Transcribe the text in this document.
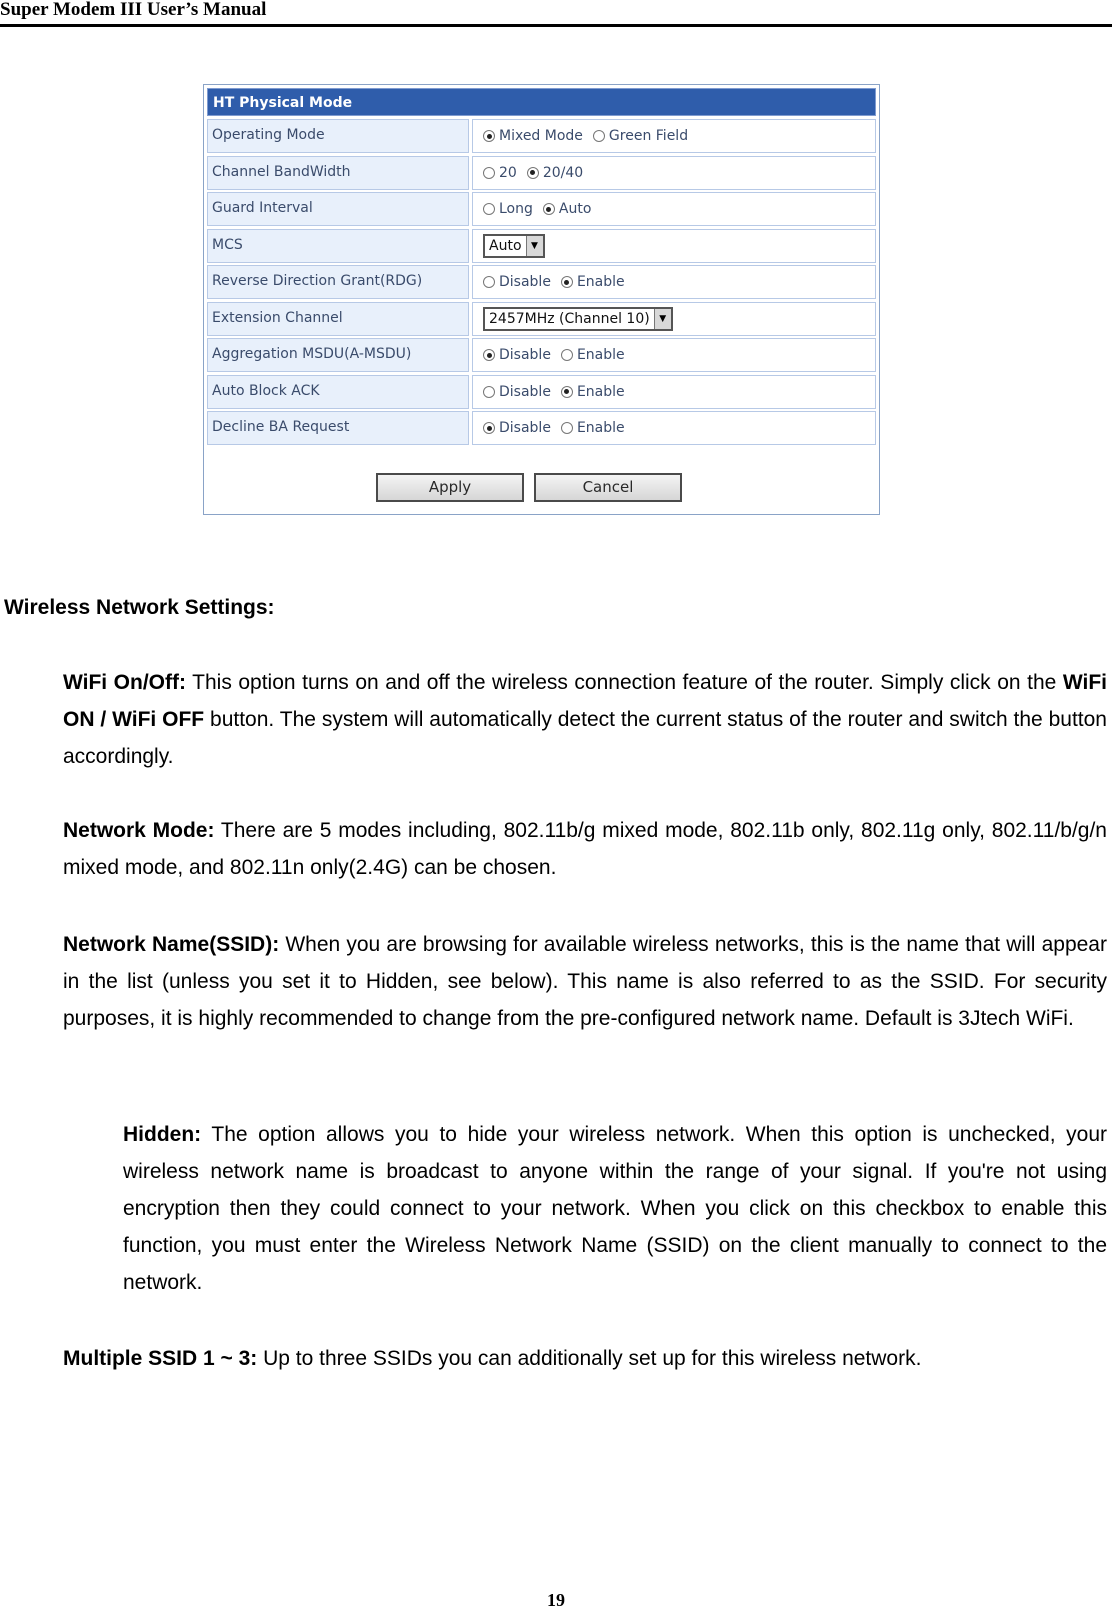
Super Modem III User’s Manual
HT Physical Mode
Operating Mode	Mixed Mode Green Field
Channel BandWidth	20 20/40
Guard Interval	Long Auto
MCS	Auto	▼
Reverse Direction Grant(RDG)	Disable Enable
Extension Channel	2457MHz (Channel 10)	▼
Aggregation MSDU(A-MSDU)	Disable Enable
Auto Block ACK	Disable Enable
Decline BA Request	Disable Enable
Apply	Cancel
Wireless Network Settings:
WiFi On/Off: This option turns on and off the wireless connection feature of the router. Simply click on the WiFi ON / WiFi OFF button. The system will automatically detect the current status of the router and switch the button accordingly.
Network Mode: There are 5 modes including, 802.11b/g mixed mode, 802.11b only, 802.11g only, 802.11/b/g/n mixed mode, and 802.11n only(2.4G) can be chosen.
Network Name(SSID): When you are browsing for available wireless networks, this is the name that will appear in the list (unless you set it to Hidden, see below). This name is also referred to as the SSID. For security purposes, it is highly recommended to change from the pre-configured network name. Default is 3Jtech WiFi.
Hidden: The option allows you to hide your wireless network. When this option is unchecked, your wireless network name is broadcast to anyone within the range of your signal. If you're not using encryption then they could connect to your network. When you click on this checkbox to enable this function, you must enter the Wireless Network Name (SSID) on the client manually to connect to the network.
Multiple SSID 1 ~ 3: Up to three SSIDs you can additionally set up for this wireless network.
19
